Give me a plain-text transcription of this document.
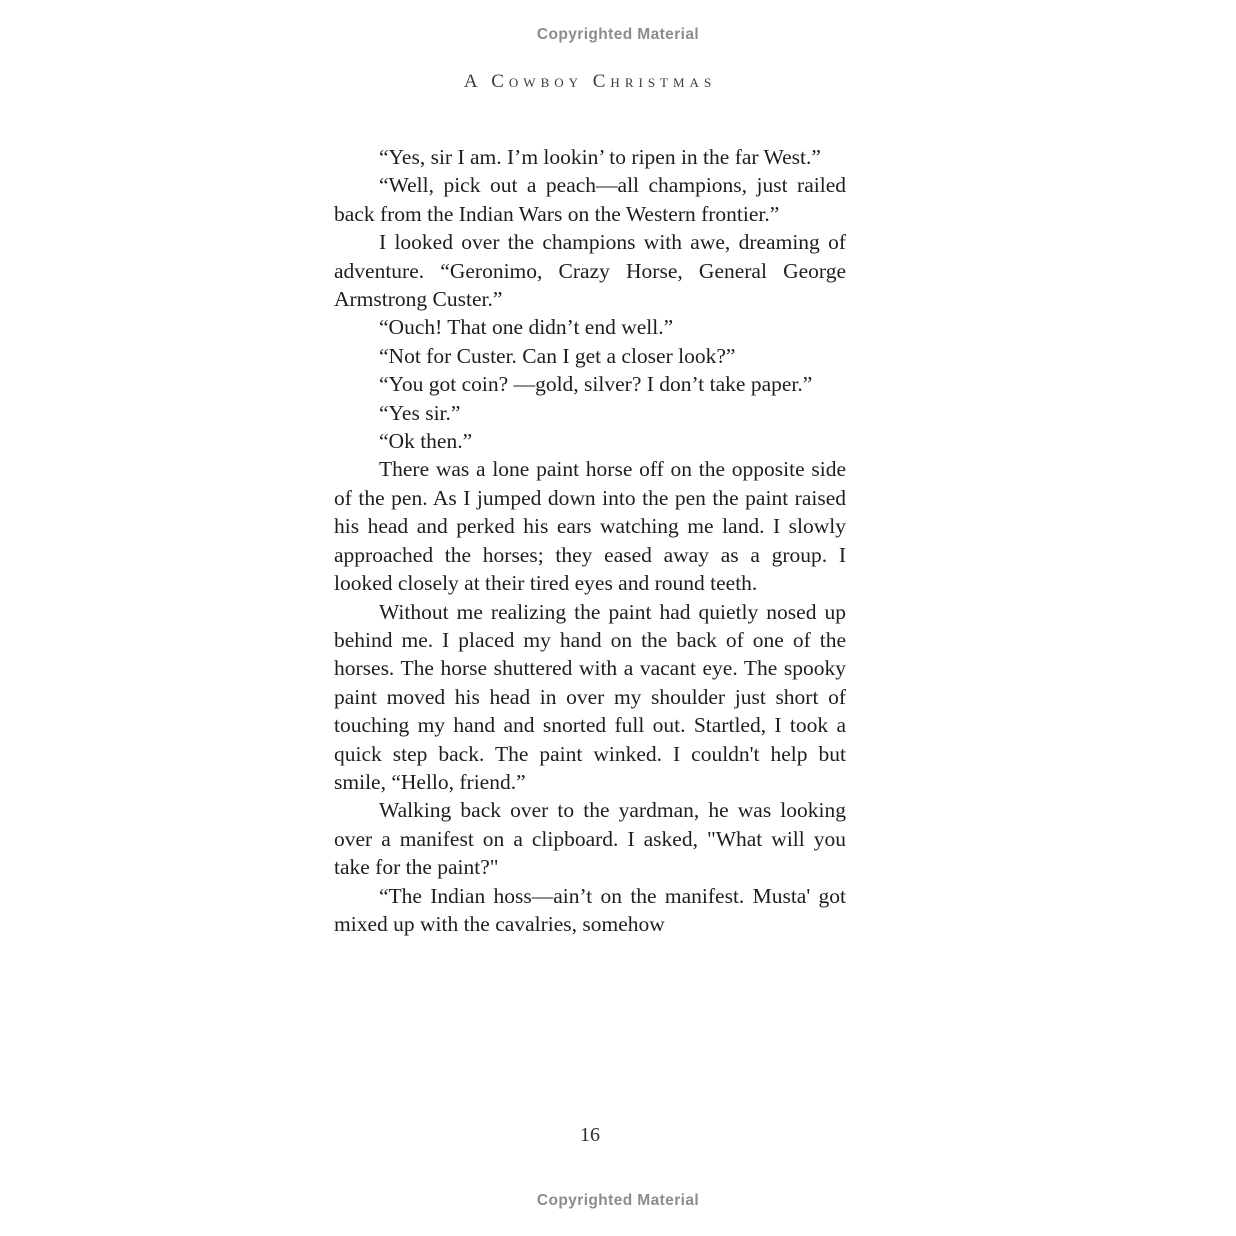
Copyrighted Material
A Cowboy Christmas

“Yes, sir I am. I’m lookin’ to ripen in the far West.”

“Well, pick out a peach—all champions, just railed back from the Indian Wars on the Western frontier.”

I looked over the champions with awe, dreaming of adventure. “Geronimo, Crazy Horse, General George Armstrong Custer.”

“Ouch! That one didn’t end well.”

“Not for Custer. Can I get a closer look?”

“You got coin? —gold, silver? I don’t take paper.”

“Yes sir.”

“Ok then.”

There was a lone paint horse off on the opposite side of the pen. As I jumped down into the pen the paint raised his head and perked his ears watching me land. I slowly approached the horses; they eased away as a group. I looked closely at their tired eyes and round teeth.

Without me realizing the paint had quietly nosed up behind me. I placed my hand on the back of one of the horses. The horse shuttered with a vacant eye. The spooky paint moved his head in over my shoulder just short of touching my hand and snorted full out. Startled, I took a quick step back. The paint winked. I couldn't help but smile, “Hello, friend.”

Walking back over to the yardman, he was looking over a manifest on a clipboard. I asked, "What will you take for the paint?"

“The Indian hoss—ain’t on the manifest. Musta' got mixed up with the cavalries, somehow

16
Copyrighted Material
